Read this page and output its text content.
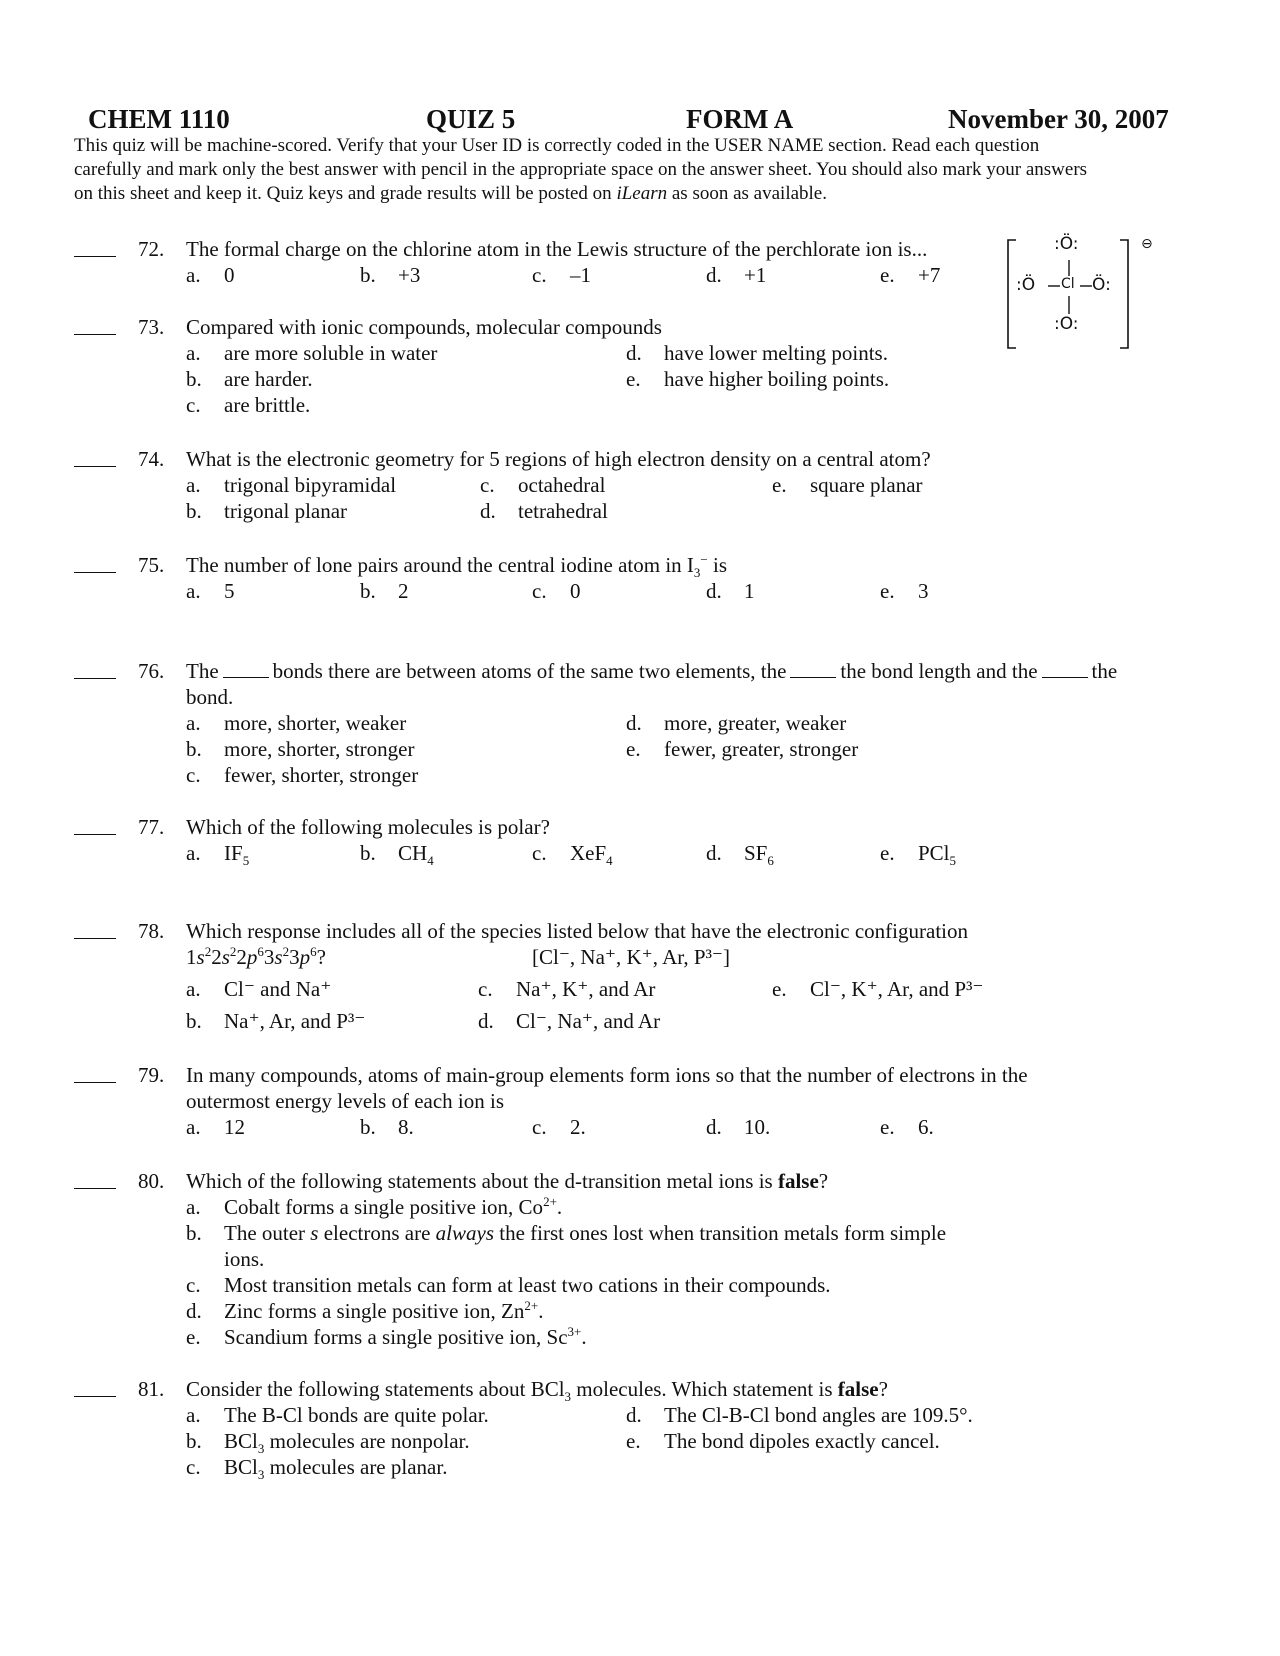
CHEM 1110	QUIZ 5	FORM A	November 30, 2007
This quiz will be machine-scored. Verify that your User ID is correctly coded in the USER NAME section. Read each question
carefully and mark only the best answer with pencil in the appropriate space on the answer sheet. You should also mark your answers
on this sheet and keep it. Quiz keys and grade results will be posted on iLearn as soon as available.
:Ö:
Cl
:Ö	Ö:
:O:
⊖
72. The formal charge on the chlorine atom in the Lewis structure of the perchlorate ion is...
a. 0	b. +3	c. –1	d. +1	e. +7
73. Compared with ionic compounds, molecular compounds
a. are more soluble in water
b. are harder.
c. are brittle.
d. have lower melting points.
e. have higher boiling points.
74. What is the electronic geometry for 5 regions of high electron density on a central atom?
a. trigonal bipyramidal
b. trigonal planar
c. octahedral
d. tetrahedral
e. square planar
75. The number of lone pairs around the central iodine atom in $I_3^-$ is
a. 5	b. 2	c. 0	d. 1	e. 3
76. The	bonds there are between atoms of the same two elements, the	the bond length and the	the
bond.
a. more, shorter, weaker
b. more, shorter, stronger
c. fewer, shorter, stronger
d. more, greater, weaker
e. fewer, greater, stronger
77. Which of the following molecules is polar?
a. $IF_5$	b. $CH_4$	c. XeF$_4$	d. $SF_6$	e. PCl$_5$
78. Which response includes all of the species listed below that have the electronic configuration
$1s^22s^22p^63s^23p^6$?	[Cl⁻, Na⁺, K⁺, Ar, P³⁻]
a. Cl⁻ and Na⁺
b. Na⁺, Ar, and P³⁻
c. Na⁺, K⁺, and Ar
d. Cl⁻, Na⁺, and Ar
e. Cl⁻, K⁺, Ar, and P³⁻
79. In many compounds, atoms of main-group elements form ions so that the number of electrons in the
outermost energy levels of each ion is
a. 12	b. 8.	c. 2.	d. 10.	e. 6.
80. Which of the following statements about the d-transition metal ions is false?
a. Cobalt forms a single positive ion, $Co^{2+}$.
b. The outer s electrons are always the first ones lost when transition metals form simple
ions.
c. Most transition metals can form at least two cations in their compounds.
d. Zinc forms a single positive ion, $Zn^{2+}$.
e. Scandium forms a single positive ion, $Sc^{3+}$.
81. Consider the following statements about BCl$_3$ molecules. Which statement is false?
a. The B-Cl bonds are quite polar.
b. BCl$_3$ molecules are nonpolar.
c. BCl$_3$ molecules are planar.
d. The Cl-B-Cl bond angles are 109.5°.
e. The bond dipoles exactly cancel.
